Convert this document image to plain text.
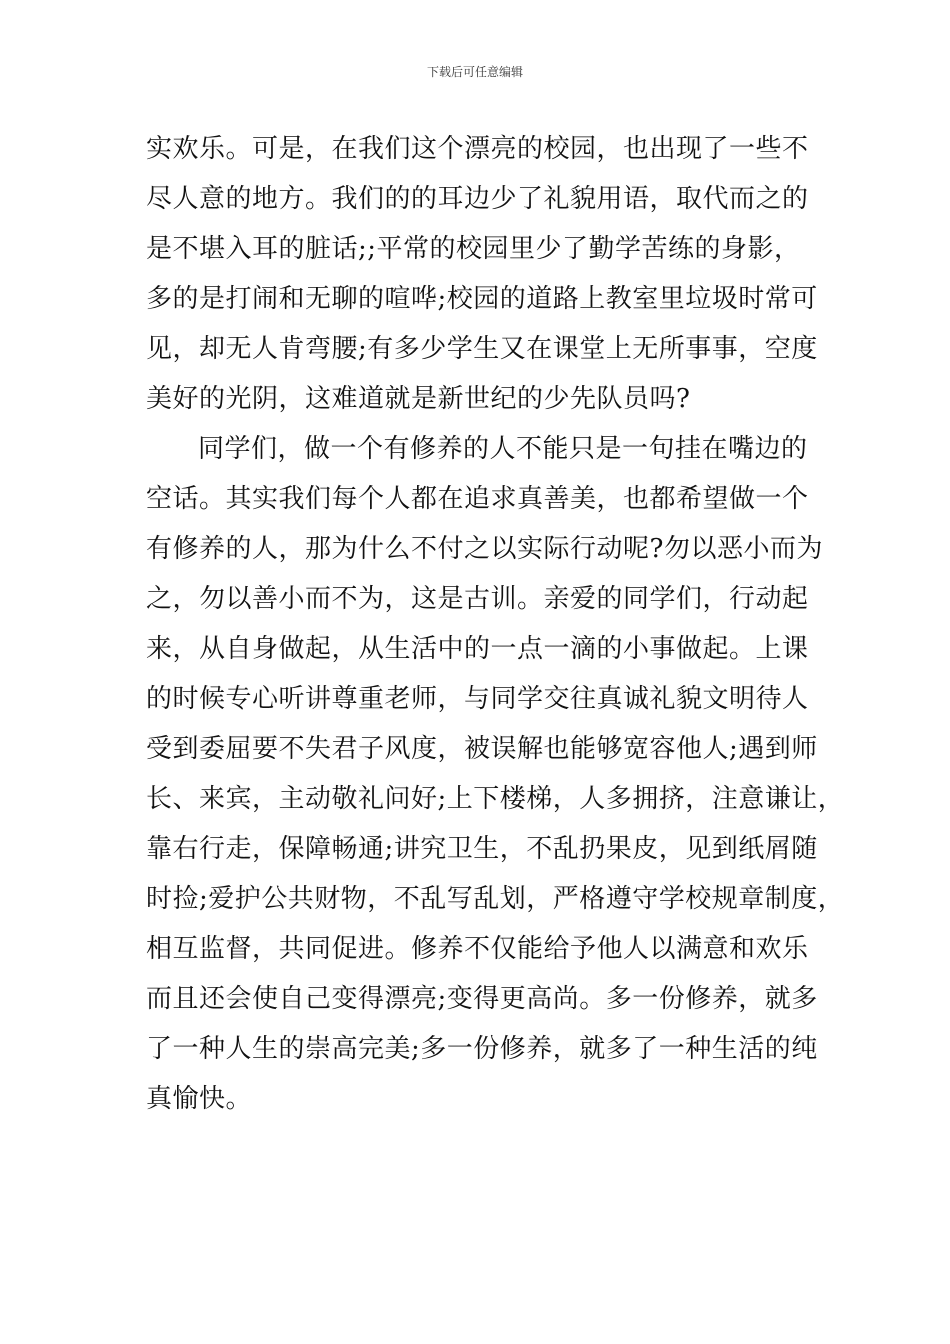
下载后可任意编辑
实欢乐。可是，在我们这个漂亮的校园，也出现了一些不
尽人意的地方。我们的的耳边少了礼貌用语，取代而之的
是不堪入耳的脏话;;平常的校园里少了勤学苦练的身影，
多的是打闹和无聊的喧哗;校园的道路上教室里垃圾时常可
见，却无人肯弯腰;有多少学生又在课堂上无所事事，空度
美好的光阴，这难道就是新世纪的少先队员吗?
同学们，做一个有修养的人不能只是一句挂在嘴边的
空话。其实我们每个人都在追求真善美，也都希望做一个
有修养的人，那为什么不付之以实际行动呢?勿以恶小而为
之，勿以善小而不为，这是古训。亲爱的同学们，行动起
来，从自身做起，从生活中的一点一滴的小事做起。上课
的时候专心听讲尊重老师，与同学交往真诚礼貌文明待人
受到委屈要不失君子风度，被误解也能够宽容他人;遇到师
长、来宾，主动敬礼问好;上下楼梯，人多拥挤，注意谦让，
靠右行走，保障畅通;讲究卫生，不乱扔果皮，见到纸屑随
时捡;爱护公共财物，不乱写乱划，严格遵守学校规章制度，
相互监督，共同促进。修养不仅能给予他人以满意和欢乐
而且还会使自己变得漂亮;变得更高尚。多一份修养，就多
了一种人生的崇高完美;多一份修养，就多了一种生活的纯
真愉快。
